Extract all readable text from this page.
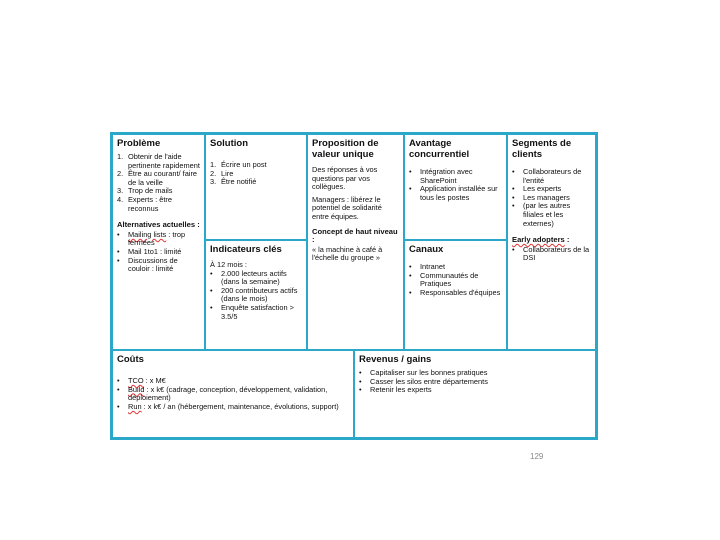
Problème
1. Obtenir de l'aide pertinente rapidement
2. Être au courant/ faire de la veille
3. Trop de mails
4. Experts : être reconnus
Alternatives actuelles :
• Mailing lists : trop fermées
• Mail 1to1 : limité
• Discussions de couloir : limité
Solution
1. Écrire un post
2. Lire
3. Être notifié
Indicateurs clés
À 12 mois :
• 2.000 lecteurs actifs (dans la semaine)
• 200 contributeurs actifs (dans le mois)
• Enquête satisfaction > 3.5/5
Proposition de valeur unique

Des réponses à vos questions par vos collègues.

Managers : libérez le potentiel de solidarité entre équipes.

Concept de haut niveau :
« la machine à café à l'échelle du groupe »
Avantage concurrentiel
• Intégration avec SharePoint
• Application installée sur tous les postes
Canaux
• Intranet
• Communautés de Pratiques
• Responsables d'équipes
Segments de clients
• Collaborateurs de l'entité
• Les experts
• Les managers
• (par les autres filiales et les externes)
Early adopters :
• Collaborateurs de la DSI
Coûts
• TCO : x M€
• Build : x k€ (cadrage, conception, développement, validation, déploiement)
• Run : x k€ / an (hébergement, maintenance, évolutions, support)
Revenus / gains
• Capitaliser sur les bonnes pratiques
• Casser les silos entre départements
• Retenir les experts
129
